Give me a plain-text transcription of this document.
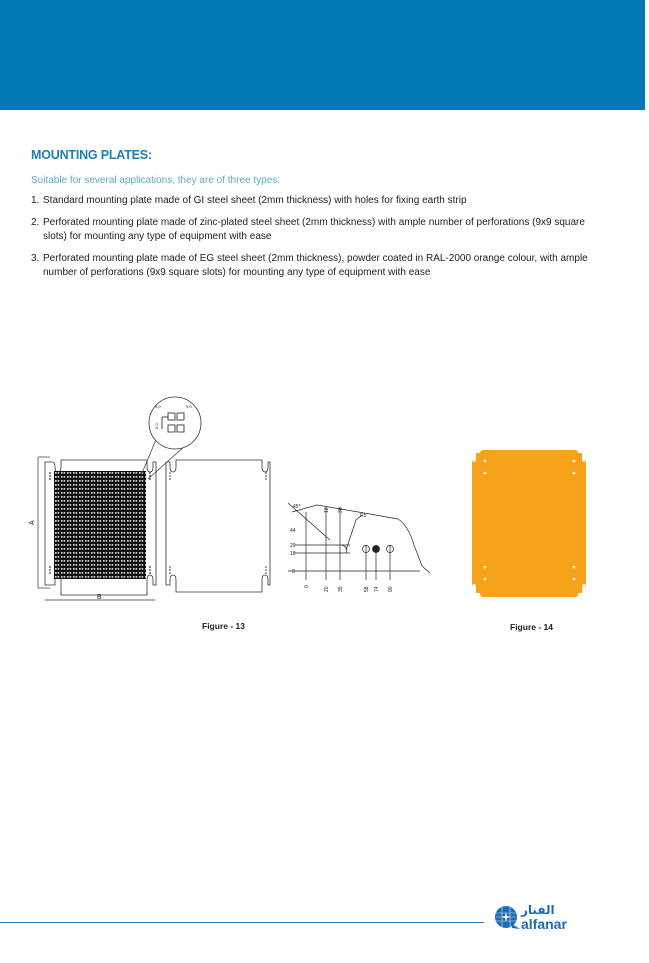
MOUNTING PLATES:
Suitable for several applications, they are of three types:
1. Standard mounting plate made of GI steel sheet (2mm thickness) with holes for fixing earth strip
2. Perforated mounting plate made of zinc-plated steel sheet (2mm thickness) with ample number of perforations (9x9 square slots) for mounting any type of equipment with ease
3. Perforated mounting plate made of EG steel sheet (2mm thickness), powder coated in RAL-2000 orange colour, with ample number of perforations (9x9 square slots) for mounting any type of equipment with ease
A
B
9.0	9.0
9.0
45°
18 38
R5
44
29
18
0
0	20 35	58 74 90
Figure - 13	Figure - 14
الفنار
alfanar
